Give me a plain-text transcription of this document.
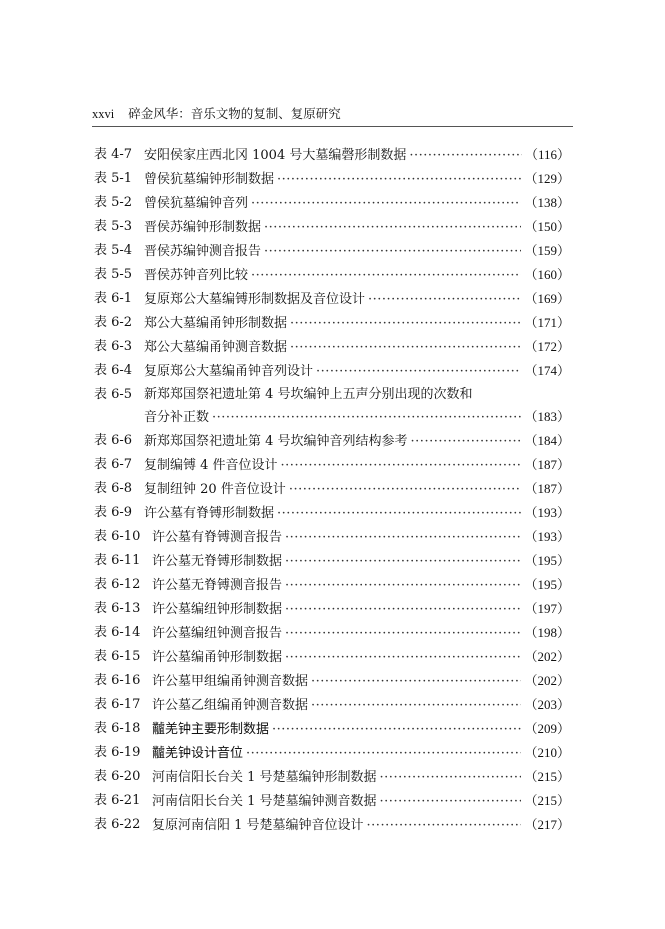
xxvi 碎金风华：音乐文物的复制、复原研究
表 4-7 安阳侯家庄西北冈 1004 号大墓编磬形制数据 ·····	（116）
表 5-1 曾侯犺墓编钟形制数据 ·····	（129）
表 5-2 曾侯犺墓编钟音列 ·····	（138）
表 5-3 晋侯苏编钟形制数据 ·····	（150）
表 5-4 晋侯苏编钟测音报告 ·····	（159）
表 5-5 晋侯苏钟音列比较 ·····	（160）
表 6-1 复原郑公大墓编镈形制数据及音位设计 ·····	（169）
表 6-2 郑公大墓编甬钟形制数据 ·····	（171）
表 6-3 郑公大墓编甬钟测音数据 ·····	（172）
表 6-4 复原郑公大墓编甬钟音列设计 ·····	（174）
表 6-5 新郑郑国祭祀遗址第 4 号坎编钟上五声分别出现的次数和
音分补正数 ·····	（183）
表 6-6 新郑郑国祭祀遗址第 4 号坎编钟音列结构参考 ·····	（184）
表 6-7 复制编镈 4 件音位设计 ·····	（187）
表 6-8 复制纽钟 20 件音位设计 ·····	（187）
表 6-9 许公墓有脊镈形制数据 ·····	（193）
表 6-10 许公墓有脊镈测音报告 ·····	（193）
表 6-11 许公墓无脊镈形制数据 ·····	（195）
表 6-12 许公墓无脊镈测音报告 ·····	（195）
表 6-13 许公墓编纽钟形制数据 ·····	（197）
表 6-14 许公墓编纽钟测音报告 ·····	（198）
表 6-15 许公墓编甬钟形制数据 ·····	（202）
表 6-16 许公墓甲组编甬钟测音数据 ·····	（202）
表 6-17 许公墓乙组编甬钟测音数据 ·····	（203）
表 6-18 𪓐羌钟主要形制数据 ·····	（209）
表 6-19 𪓐羌钟设计音位 ·····	（210）
表 6-20 河南信阳长台关 1 号楚墓编钟形制数据 ·····	（215）
表 6-21 河南信阳长台关 1 号楚墓编钟测音数据 ·····	（215）
表 6-22 复原河南信阳 1 号楚墓编钟音位设计 ·····	（217）
